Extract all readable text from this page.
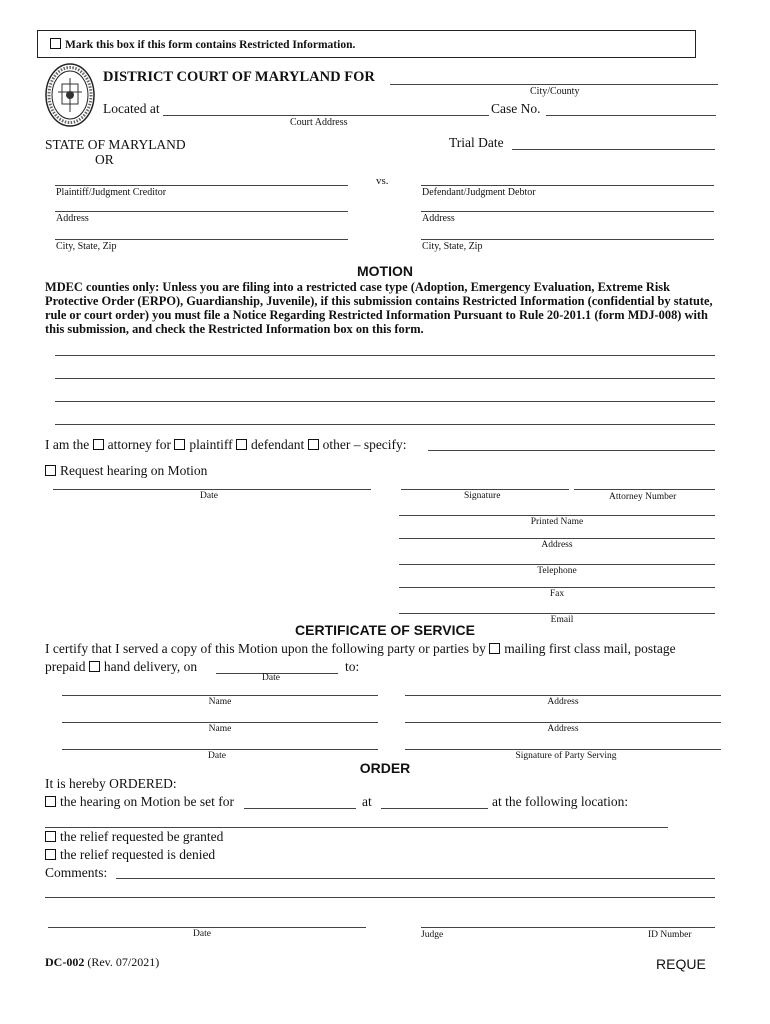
Mark this box if this form contains Restricted Information.
DISTRICT COURT OF MARYLAND FOR
City/County
Located at	Case No.
Court Address
STATE OF MARYLAND
OR
Trial Date
vs.
Plaintiff/Judgment Creditor	Defendant/Judgment Debtor
Address	Address
City, State, Zip	City, State, Zip
MOTION
MDEC counties only: Unless you are filing into a restricted case type (Adoption, Emergency Evaluation, Extreme Risk Protective Order (ERPO), Guardianship, Juvenile), if this submission contains Restricted Information (confidential by statute, rule or court order) you must file a Notice Regarding Restricted Information Pursuant to Rule 20-201.1 (form MDJ-008) with this submission, and check the Restricted Information box on this form.
I am the attorney for plaintiff defendant other – specify:
Request hearing on Motion
Date	Signature	Attorney Number
Printed Name
Address
Telephone
Fax
Email
CERTIFICATE OF SERVICE
I certify that I served a copy of this Motion upon the following party or parties by mailing first class mail, postage
prepaid hand delivery, on	to:
Date
Name	Address
Name	Address
Date	Signature of Party Serving
ORDER
It is hereby ORDERED:
the hearing on Motion be set for	at	at the following location:
the relief requested be granted
the relief requested is denied
Comments:
Date	Judge	ID Number
DC-002 (Rev. 07/2021)	REQUE
